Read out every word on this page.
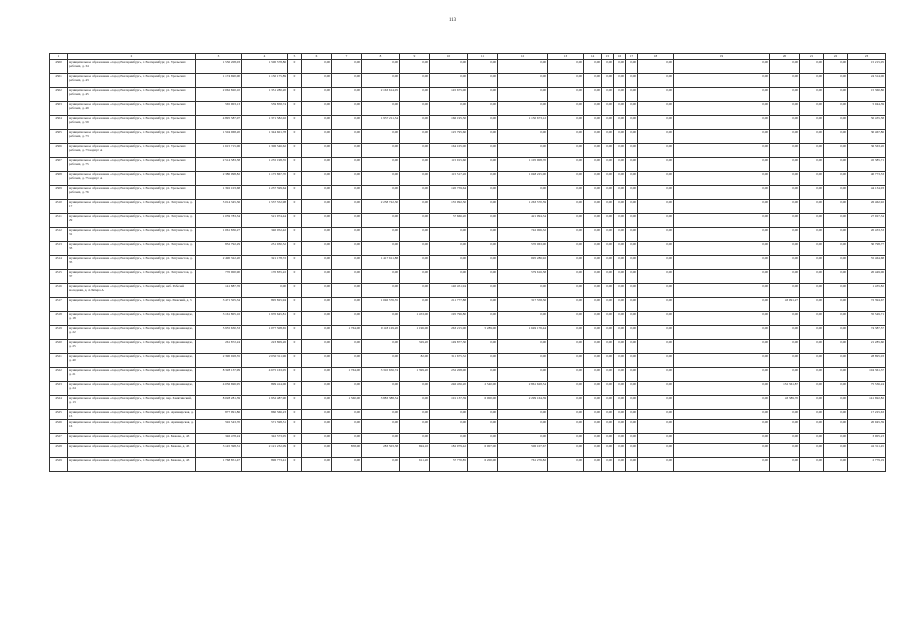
113
1	2	3	4	5	6	7	8	9	10	11	12	13	14	15	16	17	18	19	20	21	22	23
4500	муниципальное образование «город Екатеринбург», г. Екатеринбург, ул. Уральских рабочих, д. 34	1 550 208,03	1 500 578,86	0	0,00	0,00	0,00	0,00	0,00	0,00	0,00	0,00	0,00	0,00	0,00	0,00	0,00	0,00	0,00	0,00	0,00	15 215,05
4501	муниципальное образование «город Екатеринбург», г. Екатеринбург, ул. Уральских рабочих, д. 43	1 174 690,00	1 150 175,89	0	0,00	0,00	0,00	0,00	0,00	0,00	0,00	0,00	0,00	0,00	0,00	0,00	0,00	0,00	0,00	0,00	0,00	24 314,06
4502	муниципальное образование «город Екатеринбург», г. Екатеринбург, ул. Уральских рабочих, д. 45	2 062 820,10	1 351 280,20	0	0,00	0,00	2 163 614,05	0,00	145 675,00	0,00	0,00	0,00	0,00	0,00	0,00	0,00	0,00	0,00	0,00	0,00	0,00	15 360,86
4503	муниципальное образование «город Екатеринбург», г. Екатеринбург, ул. Уральских рабочих, д. 49	565 903,13	559 858,74	0	0,00	0,00	0,00	0,00	0,00	0,00	0,00	0,00	0,00	0,00	0,00	0,00	0,00	0,00	0,00	0,00	0,00	5 044,39
4504	муниципальное образование «город Екатеринбург», г. Екатеринбург, ул. Уральских рабочих, д. 59	4 895 587,07	1 371 582,02	0	0,00	0,00	1 957 211,54	0,00	166 195,50	0,00	1 150 673,12	0,00	0,00	0,00	0,00	0,00	0,00	0,00	0,00	0,00	0,00	50 435,58
4505	муниципальное образование «город Екатеринбург», г. Екатеринбург, ул. Уральских рабочих, д. 73	1 504 968,20	1 344 601,78	0	0,00	0,00	0,00	0,00	125 795,60	0,00	0,00	0,00	0,00	0,00	0,00	0,00	0,00	0,00	0,00	0,00	0,00	30 467,86
4506	муниципальное образование «город Екатеринбург», г. Екатеринбург, ул. Уральских рабочих, д. 73 корпус А	1 615 715,06	1 306 546,62	0	0,00	0,00	0,00	0,00	164 105,00	0,00	0,00	0,00	0,00	0,00	0,00	0,00	0,00	0,00	0,00	0,00	0,00	36 563,26
4507	муниципальное образование «город Екатеринбург», г. Екатеринбург, ул. Уральских рабочих, д. 75	2 514 583,58	1 255 198,35	0	0,00	0,00	0,00	0,00	115 915,60	0,00	1 105 908,70	0,00	0,00	0,00	0,00	0,00	0,00	0,00	0,00	0,00	0,00	45 385,71
4508	муниципальное образование «город Екатеринбург», г. Екатеринбург, ул. Уральских рабочих, д. 75 корпус А	2 380 098,82	1 175 867,70	0	0,00	0,00	0,00	0,00	115 517,26	0,00	1 048 225,00	0,00	0,00	0,00	0,00	0,00	0,00	0,00	0,00	0,00	0,00	40 773,53
4509	муниципальное образование «город Екатеринбург», г. Екатеринбург, ул. Уральских рабочих, д. 76	1 392 103,68	1 237 599,64	0	0,00	0,00	0,00	0,00	120 759,64	0,00	0,00	0,00	0,00	0,00	0,00	0,00	0,00	0,00	0,00	0,00	0,00	44 134,03
4510	муниципальное образование «город Екатеринбург», г. Екатеринбург, ул. Энтузиастов, д. 17	5 014 345,36	1 537 552,98	0	0,00	0,00	2 258 722,30	0,00	155 992,50	0,00	1 263 570,59	0,00	0,00	0,00	0,00	0,00	0,00	0,00	0,00	0,00	0,00	26 462,92
4511	муниципальное образование «город Екатеринбург», г. Екатеринбург, ул. Энтузиастов, д. 29	1 059 783,34	521 974,44	0	0,00	0,00	0,00	0,00	57 666,20	0,00	421 094,34	0,00	0,00	0,00	0,00	0,00	0,00	0,00	0,00	0,00	0,00	27 927,34
4512	муниципальное образование «город Екатеринбург», г. Екатеринбург, ул. Энтузиастов, д. 31	1 061 836,27	340 052,42	0	0,00	0,00	0,00	0,00	0,00	0,00	742 006,32	0,00	0,00	0,00	0,00	0,00	0,00	0,00	0,00	0,00	0,00	20 433,53
4513	муниципальное образование «город Екатеринбург», г. Екатеринбург, ул. Энтузиастов, д. 33	852 792,29	251 930,52	0	0,00	0,00	0,00	0,00	0,00	0,00	570 063,00	0,00	0,00	0,00	0,00	0,00	0,00	0,00	0,00	0,00	0,00	30 798,77
4514	муниципальное образование «город Екатеринбург», г. Екатеринбург, ул. Энтузиастов, д. 35	2 490 322,20	321 178,72	0	0,00	0,00	1 417 611,88	0,00	0,00	0,00	695 286,92	0,00	0,00	0,00	0,00	0,00	0,00	0,00	0,00	0,00	0,00	55 464,68
4515	муниципальное образование «город Екатеринбург», г. Екатеринбург, ул. Энтузиастов, д. 37	770 900,90	170 835,22	0	0,00	0,00	0,00	0,00	0,00	0,00	579 616,58	0,00	0,00	0,00	0,00	0,00	0,00	0,00	0,00	0,00	0,00	20 449,06
4516	муниципальное образование «город Екатеринбург», г. Екатеринбург, наб. Рабочей молодежи, д. 4 Литера А	141 887,76	0,00	0	0,00	0,00	0,00	0,00	140 451,94	0,00	0,00	0,00	0,00	0,00	0,00	0,00	0,00	0,00	0,00	0,00	0,00	1 435,82
4517	муниципальное образование «город Екатеринбург», г. Екатеринбург, пер. Рижский, д. 3	3 471 505,34	895 825,94	0	0,00	0,00	1 046 576,35	0,00	211 777,88	0,00	317 558,56	0,00	0,00	0,00	0,00	0,00	0,00	0,00	43 091,27	0,00	0,00	72 394,67
4518	муниципальное образование «город Екатеринбург», г. Екатеринбург, пр. Орджоникидзе, д. 18	3 161 805,16	1 970 645,81	0	0,00	0,00	0,00	1 453,00	195 796,80	0,00	0,00	0,00	0,00	0,00	0,00	0,00	0,00	0,00	0,00	0,00	0,00	35 549,71
4519	муниципальное образование «город Екатеринбург», г. Екатеринбург, пр. Орджоникидзе, д. 22	5 955 630,53	1 077 508,65	0	0,00	1 764,00	0 118 129,20	1 196,00	263 215,00	5 289,00	1 649 176,44	0,00	0,00	0,00	0,00	0,00	0,00	0,00	0,00	0,00	0,00	74 387,57
4520	муниципальное образование «город Екатеринбург», г. Екатеринбург, пр. Орджоникидзе, д. 25	261 872,24	223 809,26	0	0,00	0,00	0,00	329,20	149 877,30	0,00	0,00	0,00	0,00	0,00	0,00	0,00	0,00	0,00	0,00	0,00	0,00	21 285,60
4521	муниципальное образование «город Екатеринбург», г. Екатеринбург, пр. Орджоникидзе, д. 40	2 390 928,35	2 050 311,96	0	0,00	0,00	0,00	82,00	311 675,32	0,00	0,00	0,00	0,00	0,00	0,00	0,00	0,00	0,00	0,00	0,00	0,00	28 895,03
4522	муниципальное образование «город Екатеринбург», г. Екатеринбург, пр. Орджоникидзе, д. 21	8 328 137,99	4 675 163,05	0	0,00	1 764,00	3 310 656,74	1 399,20	232 208,00	0,00	0,00	0,00	0,00	0,00	0,00	0,00	0,00	0,00	0,00	0,00	0,00	104 361,37
4523	муниципальное образование «город Екатеринбург», г. Екатеринбург, пр. Орджоникидзе, д. 24	4 056 696,95	899 414,06	0	0,00	0,00	0,00	0,00	246 456,20	2 540,00	2 861 628,54	0,00	0,00	0,00	0,00	0,00	0,00	0,00	152 361,87	0,00	0,00	75 536,24
4524	муниципальное образование «город Екатеринбург», г. Екатеринбург, пер. Замятинский, д. 13	8 028 281,39	1 952 487,90	0	0,00	1 560,00	3 883 388,54	0,00	101 137,39	6 000,00	2 299 164,39	0,00	0,00	0,00	0,00	0,00	0,00	0,00	43 389,70	0,00	0,00	141 692,82
4525	муниципальное образование «город Екатеринбург», г. Екатеринбург, ул. Армавирская, д. 15	877 991,86	860 566,23	0	0,00	0,00	0,00	0,00	0,00	0,00	0,00	0,00	0,00	0,00	0,00	0,00	0,00	0,00	0,00	0,00	0,00	17 225,63
4526	муниципальное образование «город Екатеринбург», г. Екатеринбург, ул. Армавирская, д. 16	592 543,70	571 598,31	0	0,00	0,00	0,00	0,00	0,00	0,00	0,00	0,00	0,00	0,00	0,00	0,00	0,00	0,00	0,00	0,00	0,00	20 945,39
4527	муниципальное образование «город Екатеринбург», г. Екатеринбург, ул. Бажова, д. 43	346 478,24	342 573,05	0	0,00	0,00	0,00	0,00	0,00	0,00	0,00	0,00	0,00	0,00	0,00	0,00	0,00	0,00	0,00	0,00	0,00	3 905,23
4528	муниципальное образование «город Екатеринбург», г. Екатеринбург, ул. Бажова, д. 45	3 145 398,31	2 121 232,09	0	0,00	858,00	283 503,38	694,10	182 079,42	6 007,00	506 107,67	0,00	0,00	0,00	0,00	0,00	0,00	0,00	0,00	0,00	0,00	42 311,45
4529	муниципальное образование «город Екатеринбург», г. Екатеринбург, ул. Бажова, д. 43	1 768 851,47	896 773,41	0	0,00	0,00	0,00	611,20	57 770,85	6 200,00	761 276,82	0,00	0,00	0,00	0,00	0,00	0,00	0,00	0,00	0,00	0,00	2 779,19
